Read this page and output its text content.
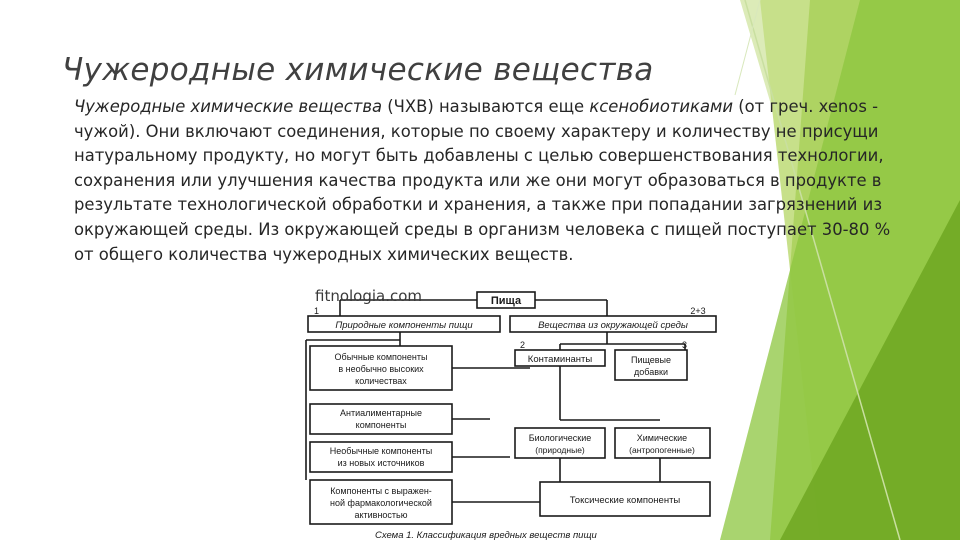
Чужеродные химические вещества
Чужеродные химические вещества (ЧХВ) называются еще ксенобиотиками (от греч. xenos - чужой). Они включают соединения, которые по своему характеру и количеству не присущи натуральному продукту, но могут быть добавлены с целью совершенствования технологии, сохранения или улучшения качества продукта или же они могут образоваться в продукте в результате технологической обработки и хранения, а также при попадании загрязнений из окружающей среды. Из окружающей среды в организм человека с пищей поступает 30-80 % от общего количества чужеродных химических веществ.
Пища
1
Природные компоненты пищи
2+3
Вещества из окружающей среды
Обычные компоненты
в необычно высоких
количествах
Антиалиментарные
компоненты
Необычные компоненты
из новых источников
Компоненты с выражен-
ной фармакологической
активностью
2
Контаминанты
3
Пищевые
добавки
Биологические
(природные)
Химические
(антропогенные)
Токсические компоненты
Схема 1. Классификация вредных веществ пищи
fitnologia.com
